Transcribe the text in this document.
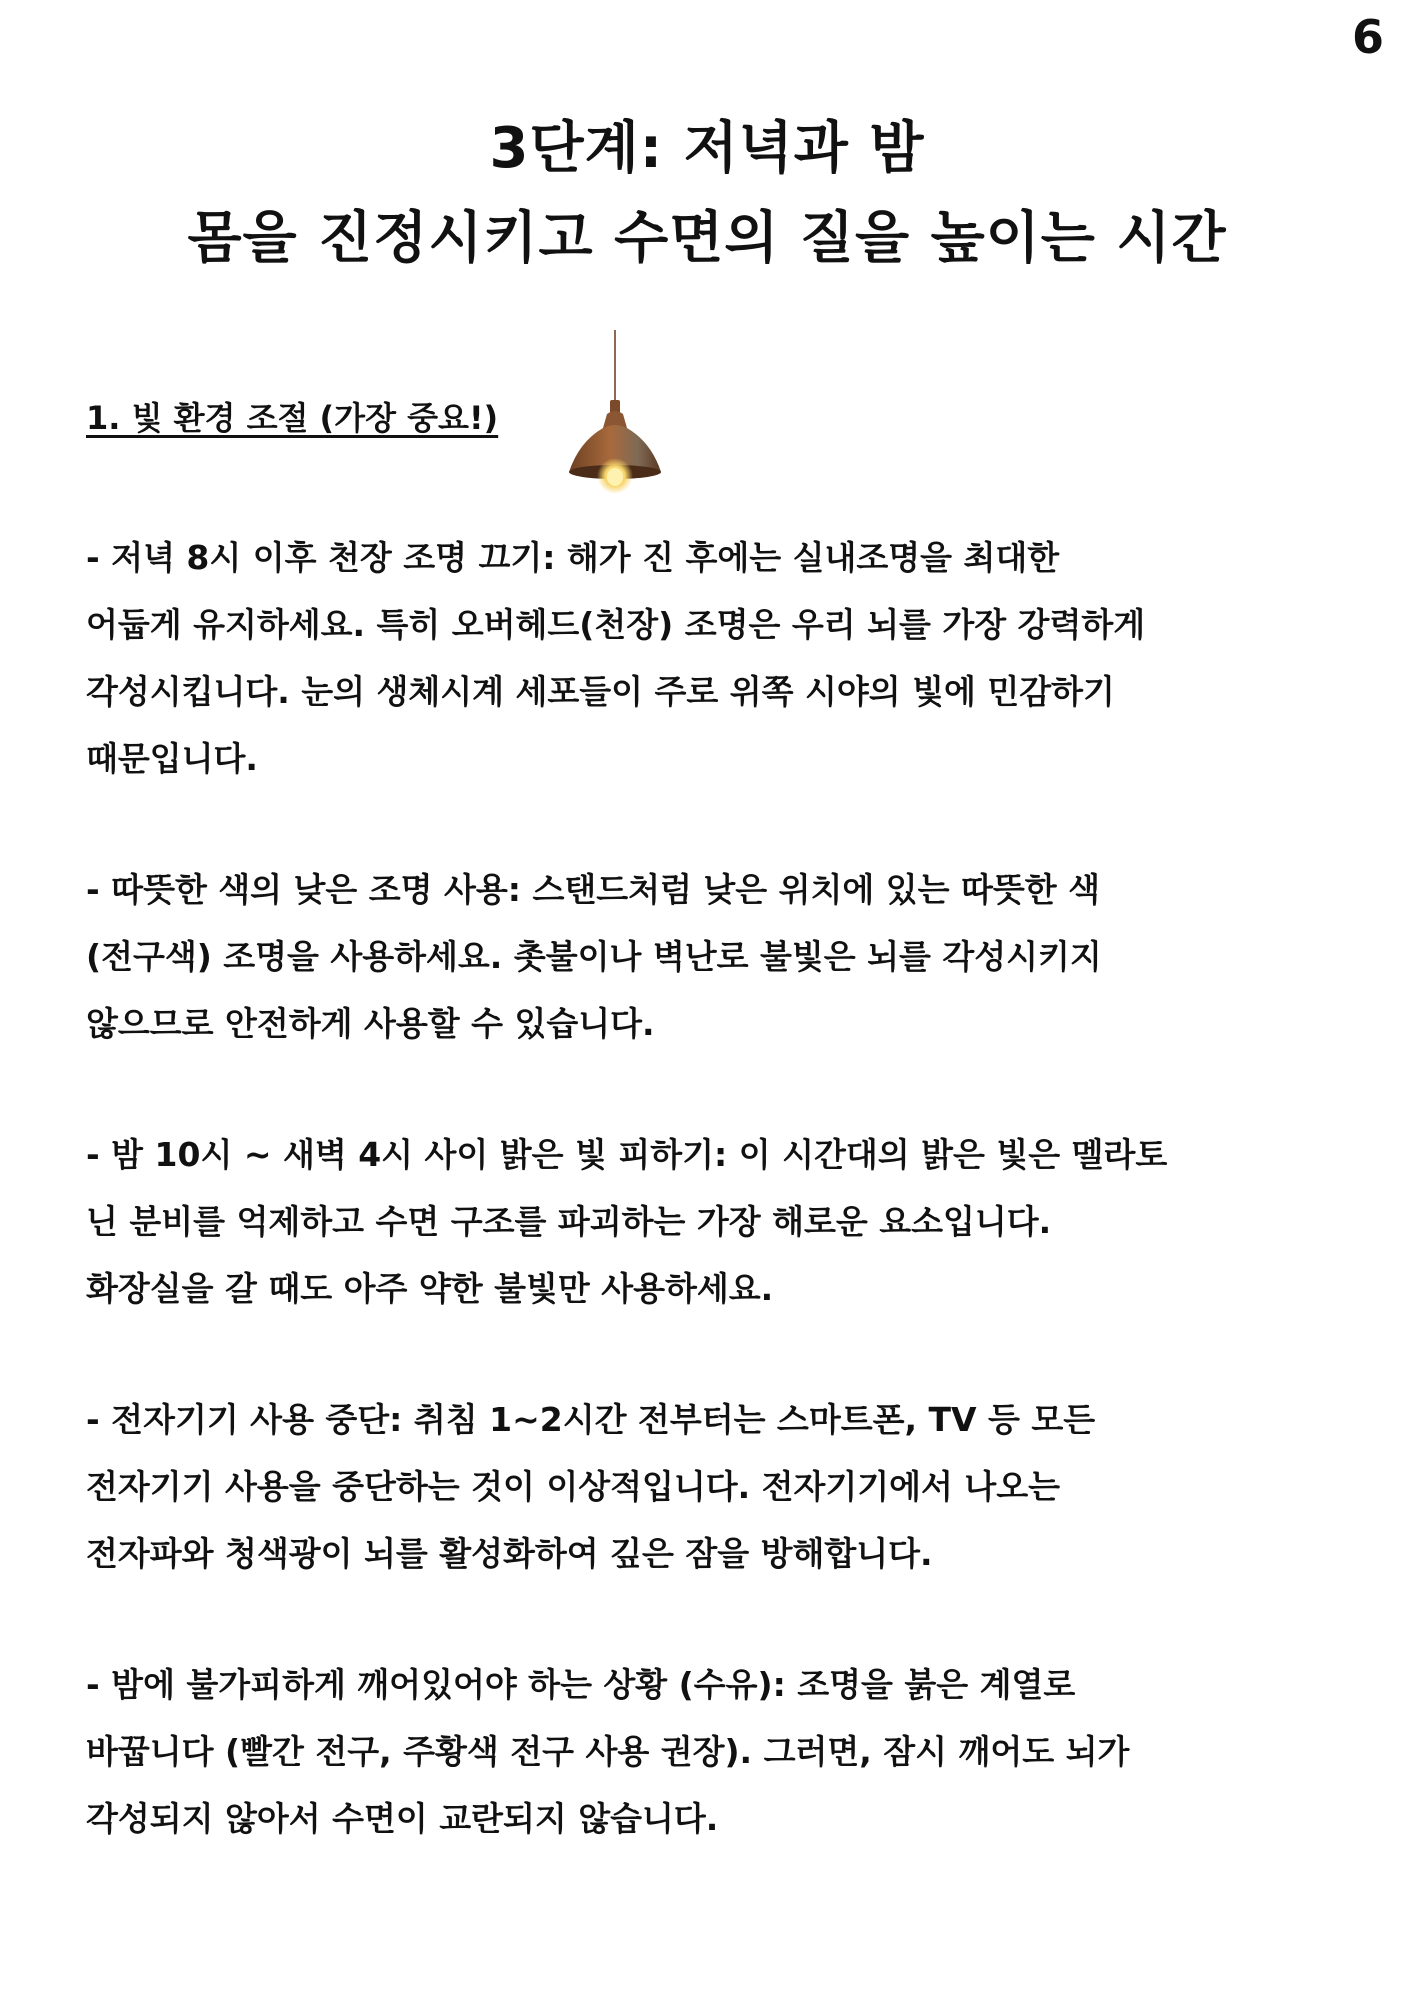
6
3단계: 저녁과 밤
몸을 진정시키고 수면의 질을 높이는 시간
1. 빛 환경 조절 (가장 중요!)
- 저녁 8시 이후 천장 조명 끄기: 해가 진 후에는 실내조명을 최대한
어둡게 유지하세요. 특히 오버헤드(천장) 조명은 우리 뇌를 가장 강력하게
각성시킵니다. 눈의 생체시계 세포들이 주로 위쪽 시야의 빛에 민감하기
때문입니다.
- 따뜻한 색의 낮은 조명 사용: 스탠드처럼 낮은 위치에 있는 따뜻한 색
(전구색) 조명을 사용하세요. 촛불이나 벽난로 불빛은 뇌를 각성시키지
않으므로 안전하게 사용할 수 있습니다.
- 밤 10시 ~ 새벽 4시 사이 밝은 빛 피하기: 이 시간대의 밝은 빛은 멜라토
닌 분비를 억제하고 수면 구조를 파괴하는 가장 해로운 요소입니다.
화장실을 갈 때도 아주 약한 불빛만 사용하세요.
- 전자기기 사용 중단: 취침 1~2시간 전부터는 스마트폰, TV 등 모든
전자기기 사용을 중단하는 것이 이상적입니다. 전자기기에서 나오는
전자파와 청색광이 뇌를 활성화하여 깊은 잠을 방해합니다.
- 밤에 불가피하게 깨어있어야 하는 상황 (수유): 조명을 붉은 계열로
바꿉니다 (빨간 전구, 주황색 전구 사용 권장). 그러면, 잠시 깨어도 뇌가
각성되지 않아서 수면이 교란되지 않습니다.
